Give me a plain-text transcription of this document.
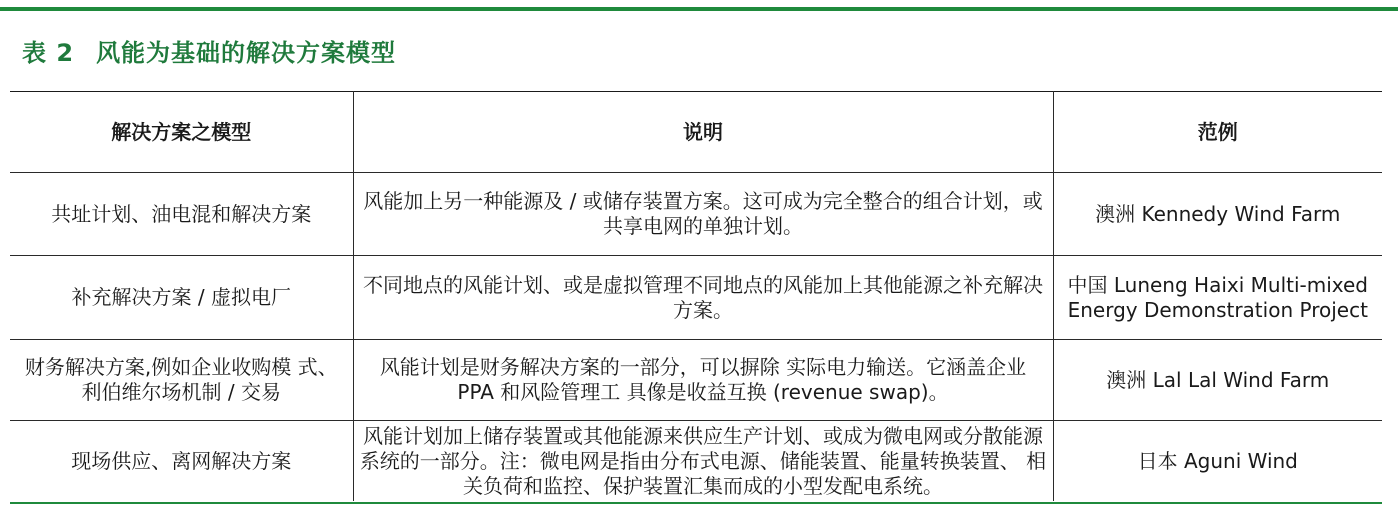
表 2 风能为基础的解决方案模型
解决方案之模型	说明	范例
共址计划、油电混和解决方案	风能加上另一种能源及 / 或储存装置方案。这可成为完全整合的组合计划，或共享电网的单独计划。	澳洲 Kennedy Wind Farm
补充解决方案 / 虚拟电厂	不同地点的风能计划、或是虚拟管理不同地点的风能加上其他能源之补充解决方案。	中国 Luneng Haixi Multi-mixed Energy Demonstration Project
财务解决方案,例如企业收购模 式、利伯维尔场机制 / 交易	风能计划是财务解决方案的一部分，可以摒除 实际电力输送。它涵盖企业 PPA 和风险管理工 具像是收益互换 (revenue swap)。	澳洲 Lal Lal Wind Farm
现场供应、离网解决方案	风能计划加上储存装置或其他能源来供应生产计划、或成为微电网或分散能源系统的一部分。注：微电网是指由分布式电源、储能装置、能量转换装置、 相关负荷和监控、保护装置汇集而成的小型发配电系统。	日本 Aguni Wind
